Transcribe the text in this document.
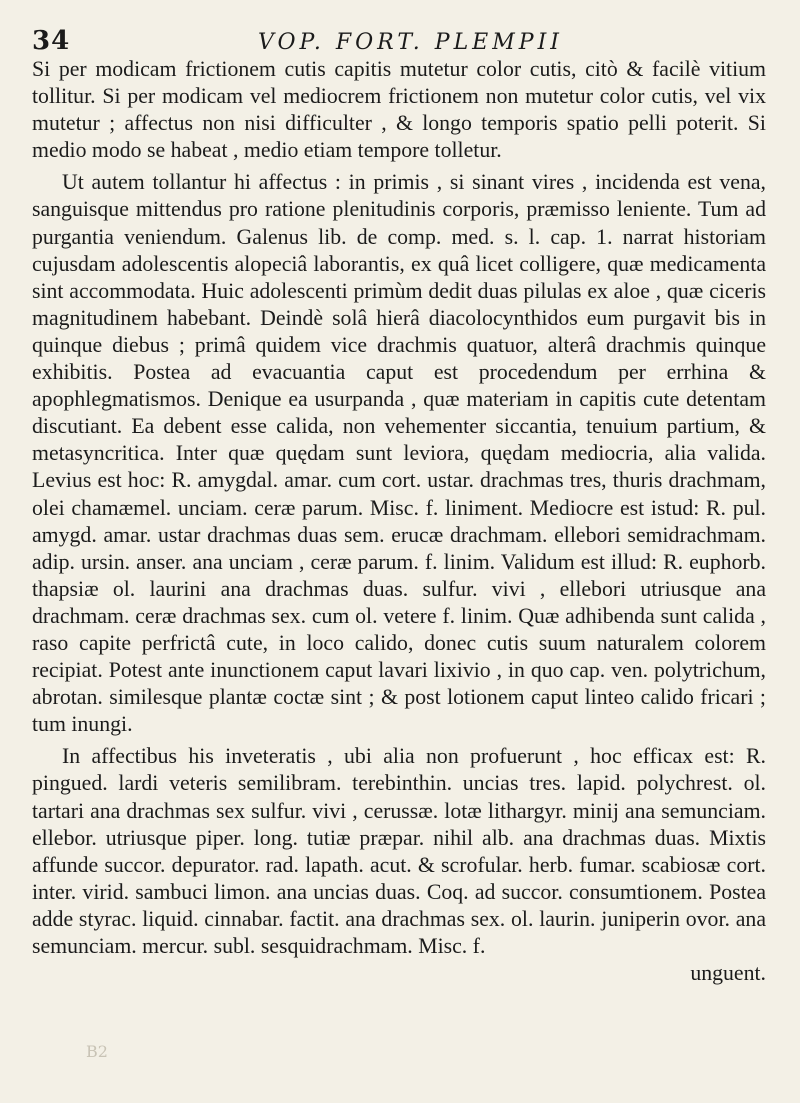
34	VOP. FORT. PLEMPII

Si per modicam frictionem cutis capitis mutetur color cutis, citò & facilè vitium tollitur. Si per modicam vel mediocrem frictionem non mutetur color cutis, vel vix mutetur ; affectus non nisi difficulter , & longo temporis spatio pelli poterit. Si medio modo se habeat , medio etiam tempore tolletur.

Ut autem tollantur hi affectus : in primis , si sinant vires , incidenda est vena, sanguisque mittendus pro ratione plenitudinis corporis, præmisso leniente. Tum ad purgantia veniendum. Galenus lib. de comp. med. s. l. cap. 1. narrat historiam cujusdam adolescentis alopeciâ laborantis, ex quâ licet colligere, quæ medicamenta sint accommodata. Huic adolescenti primùm dedit duas pilulas ex aloe , quæ ciceris magnitudinem habebant. Deindè solâ hierâ diacolocynthidos eum purgavit bis in quinque diebus ; primâ quidem vice drachmis quatuor, alterâ drachmis quinque exhibitis. Postea ad evacuantia caput est procedendum per errhina & apophlegmatismos. Denique ea usurpanda , quæ materiam in capitis cute detentam discutiant. Ea debent esse calida, non vehementer siccantia, tenuium partium, & metasyncritica. Inter quæ quędam sunt leviora, quędam mediocria, alia valida. Levius est hoc: R. amygdal. amar. cum cort. ustar. drachmas tres, thuris drachmam, olei chamæmel. unciam. ceræ parum. Misc. f. liniment. Mediocre est istud: R. pul. amygd. amar. ustar drachmas duas sem. erucæ drachmam. ellebori semidrachmam. adip. ursin. anser. ana unciam , ceræ parum. f. linim. Validum est illud: R. euphorb. thapsiæ ol. laurini ana drachmas duas. sulfur. vivi , ellebori utriusque ana drachmam. ceræ drachmas sex. cum ol. vetere f. linim. Quæ adhibenda sunt calida , raso capite perfrictâ cute, in loco calido, donec cutis suum naturalem colorem recipiat. Potest ante inunctionem caput lavari lixivio , in quo cap. ven. polytrichum, abrotan. similesque plantæ coctæ sint ; & post lotionem caput linteo calido fricari ; tum inungi.

In affectibus his inveteratis , ubi alia non profuerunt , hoc efficax est: R. pingued. lardi veteris semilibram. terebinthin. uncias tres. lapid. polychrest. ol. tartari ana drachmas sex sulfur. vivi , cerussæ. lotæ lithargyr. minij ana semunciam. ellebor. utriusque piper. long. tutiæ præpar. nihil alb. ana drachmas duas. Mixtis affunde succor. depurator. rad. lapath. acut. & scrofular. herb. fumar. scabiosæ cort. inter. virid. sambuci limon. ana uncias duas. Coq. ad succor. consumtionem. Postea adde styrac. liquid. cinnabar. factit. ana drachmas sex. ol. laurin. juniperin ovor. ana semunciam. mercur. subl. sesquidrachmam. Misc. f.

unguent.

B2
